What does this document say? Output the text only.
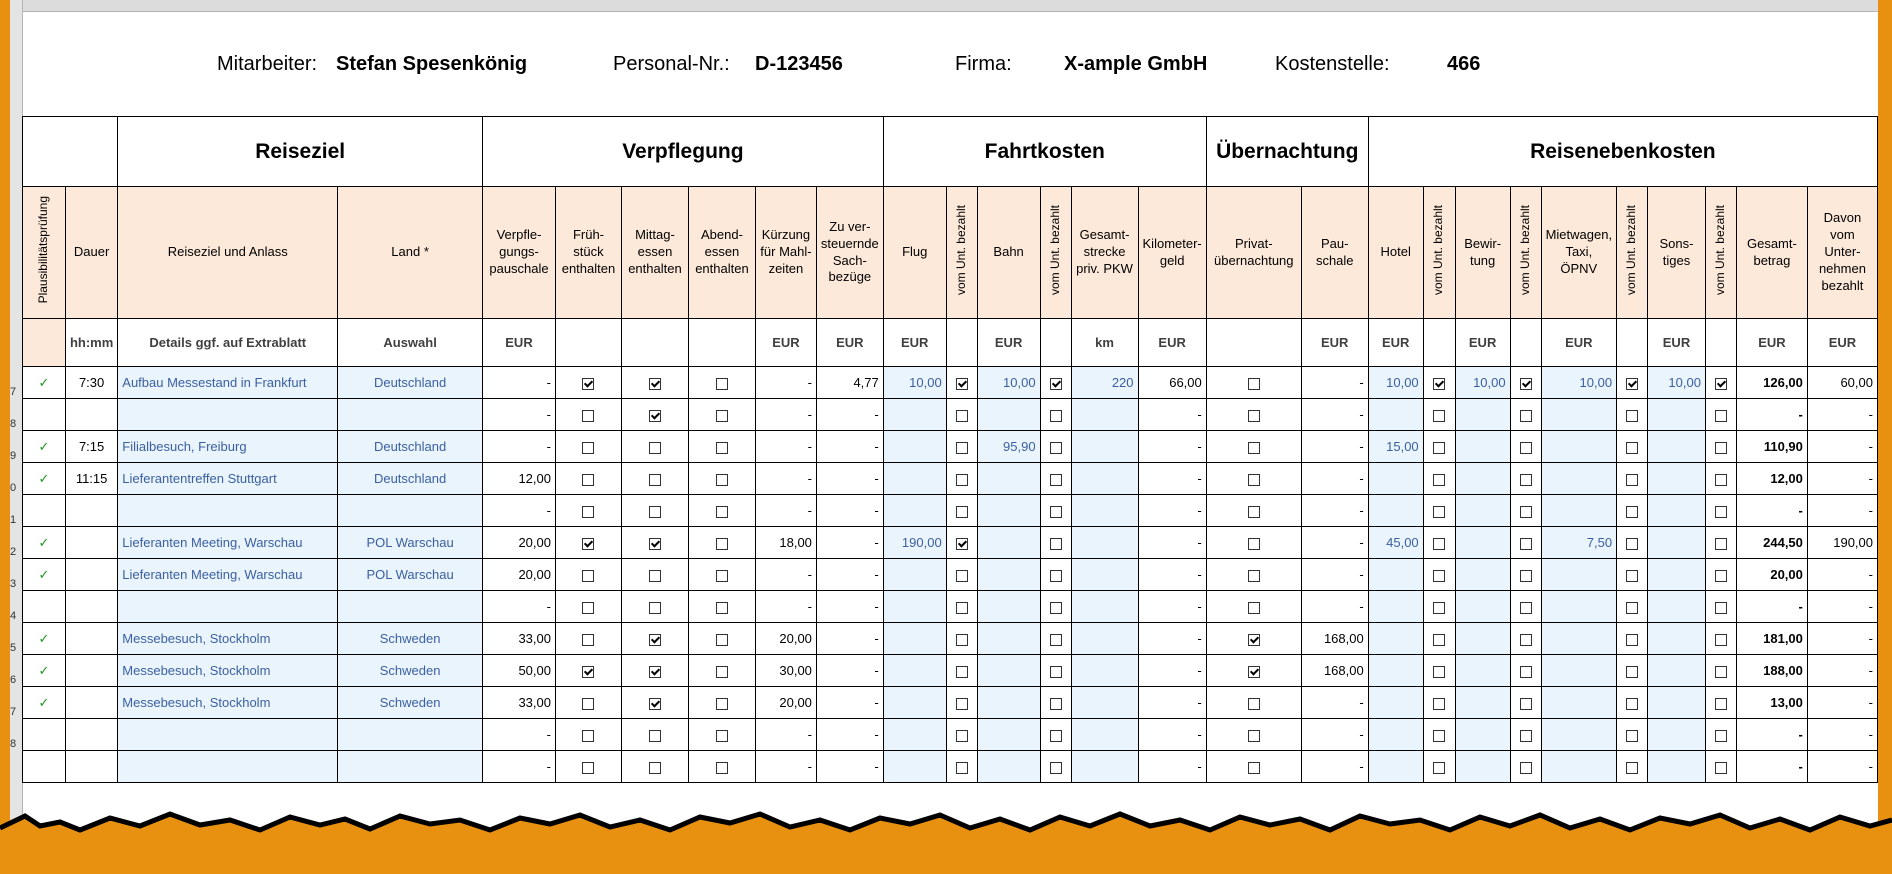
7
8
9
0
1
2
3
4
5
6
7
8
Mitarbeiter: Stefan Spesenkönig	Personal-Nr.: D-123456	Firma:	X-ample GmbH	Kostenstelle:	466
		Reiseziel		Verpflegung						Fahrtkosten						Übernachtung		Reisenebenkosten									
Plausibilitätsprüfung	Dauer	Reiseziel und Anlass	Land *	Verpfle-gungs-pauschale	Früh-stück enthalten	Mittag-essen enthalten	Abend-essen enthalten	Kürzung für Mahl-zeiten	Zu ver-steuernde Sach-bezüge	Flug	vom Unt. bezahlt	Bahn	vom Unt. bezahlt	Gesamt-strecke priv. PKW	Kilometer-geld	Privat-übernachtung	Pau-schale	Hotel	vom Unt. bezahlt	Bewir-tung	vom Unt. bezahlt	Mietwagen, Taxi, ÖPNV	vom Unt. bezahlt	Sons-tiges	vom Unt. bezahlt	Gesamt-betrag	Davon vom Unter-nehmen bezahlt
	hh:mm	Details ggf. auf Extrablatt	Auswahl	EUR				EUR	EUR	EUR		EUR		km	EUR		EUR	EUR		EUR		EUR		EUR		EUR	EUR
✓	7:30	Aufbau Messestand in Frankfurt	Deutschland	-				-	4,77	10,00		10,00		220	66,00		-	10,00		10,00		10,00		10,00		126,00	60,00
				-				-	-						-		-									-	-
✓	7:15	Filialbesuch, Freiburg	Deutschland	-				-	-			95,90			-		-	15,00								110,90	-
✓	11:15	Lieferantentreffen Stuttgart	Deutschland	12,00				-	-						-		-									12,00	-
				-				-	-						-		-									-	-
✓		Lieferanten Meeting, Warschau	POL Warschau	20,00				18,00	-	190,00					-		-	45,00				7,50				244,50	190,00
✓		Lieferanten Meeting, Warschau	POL Warschau	20,00				-	-						-		-									20,00	-
				-				-	-						-		-									-	-
✓		Messebesuch, Stockholm	Schweden	33,00				20,00	-						-		168,00									181,00	-
✓		Messebesuch, Stockholm	Schweden	50,00				30,00	-						-		168,00									188,00	-
✓		Messebesuch, Stockholm	Schweden	33,00				20,00	-						-		-									13,00	-
				-				-	-						-		-									-	-
				-				-	-						-		-									-	-
